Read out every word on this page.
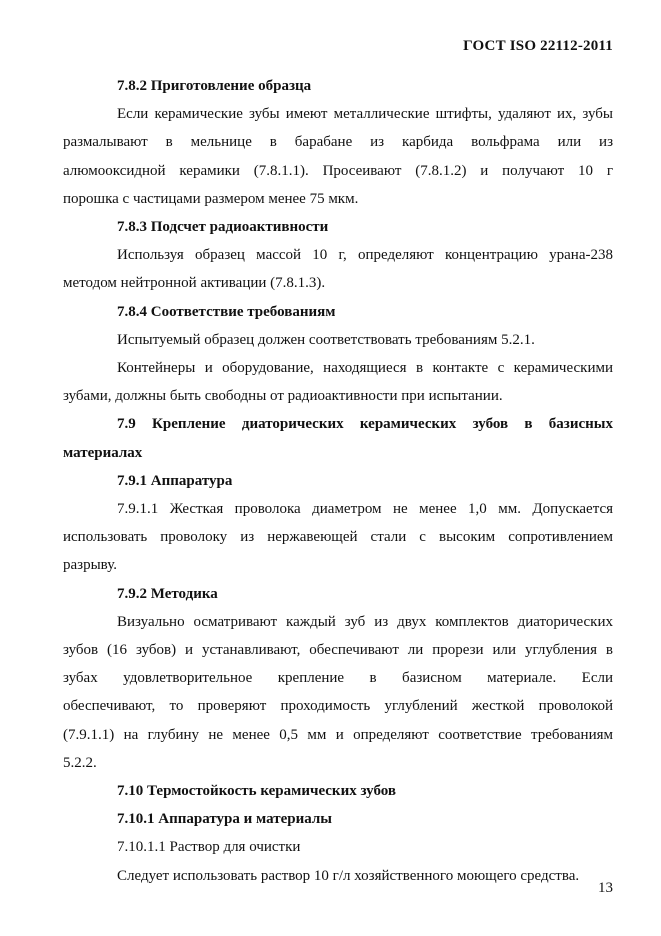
ГОСТ ISO 22112-2011

7.8.2 Приготовление образца

Если керамические зубы имеют металлические штифты, удаляют их, зубы

размалывают в мельнице в барабане из карбида вольфрама или из

алюмооксидной керамики (7.8.1.1). Просеивают (7.8.1.2) и получают 10 г

порошка с частицами размером менее 75 мкм.

7.8.3 Подсчет радиоактивности

Используя образец массой 10 г, определяют концентрацию урана-238

методом нейтронной активации (7.8.1.3).

7.8.4 Соответствие требованиям

Испытуемый образец должен соответствовать требованиям 5.2.1.

Контейнеры и оборудование, находящиеся в контакте с керамическими

зубами, должны быть свободны от радиоактивности при испытании.

7.9 Крепление диаторических керамических зубов в базисных

материалах

7.9.1 Аппаратура

7.9.1.1 Жесткая проволока диаметром не менее 1,0 мм. Допускается

использовать проволоку из нержавеющей стали с высоким сопротивлением

разрыву.

7.9.2 Методика

Визуально осматривают каждый зуб из двух комплектов диаторических

зубов (16 зубов) и устанавливают, обеспечивают ли прорези или углубления в

зубах удовлетворительное крепление в базисном материале. Если

обеспечивают, то проверяют проходимость углублений жесткой проволокой

(7.9.1.1) на глубину не менее 0,5 мм и определяют соответствие требованиям

5.2.2.

7.10 Термостойкость керамических зубов

7.10.1 Аппаратура и материалы

7.10.1.1 Раствор для очистки

Следует использовать раствор 10 г/л хозяйственного моющего средства.

13
